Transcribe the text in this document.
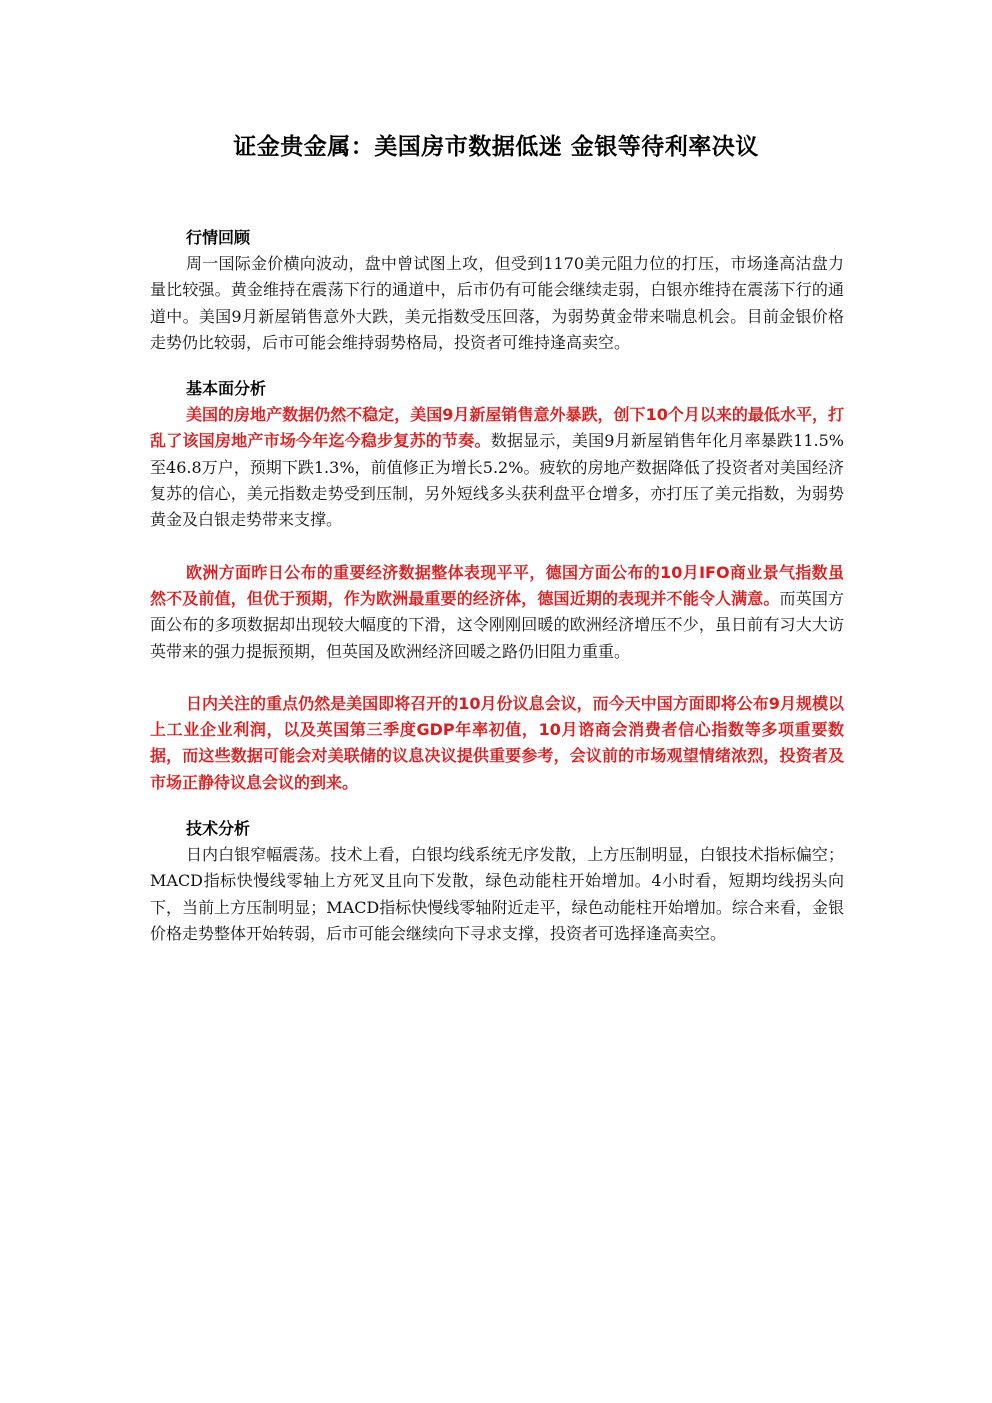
证金贵金属：美国房市数据低迷 金银等待利率决议

行情回顾

周一国际金价横向波动，盘中曾试图上攻，但受到1170美元阻力位的打压，市场逢高沽盘力量比较强。黄金维持在震荡下行的通道中，后市仍有可能会继续走弱，白银亦维持在震荡下行的通道中。美国9月新屋销售意外大跌，美元指数受压回落，为弱势黄金带来喘息机会。目前金银价格走势仍比较弱，后市可能会维持弱势格局，投资者可维持逢高卖空。

基本面分析

美国的房地产数据仍然不稳定，美国9月新屋销售意外暴跌，创下10个月以来的最低水平，打乱了该国房地产市场今年迄今稳步复苏的节奏。数据显示，美国9月新屋销售年化月率暴跌11.5%至46.8万户，预期下跌1.3%，前值修正为增长5.2%。疲软的房地产数据降低了投资者对美国经济复苏的信心，美元指数走势受到压制，另外短线多头获利盘平仓增多，亦打压了美元指数，为弱势黄金及白银走势带来支撑。

欧洲方面昨日公布的重要经济数据整体表现平平，德国方面公布的10月IFO商业景气指数虽然不及前值，但优于预期，作为欧洲最重要的经济体，德国近期的表现并不能令人满意。而英国方面公布的多项数据却出现较大幅度的下滑，这令刚刚回暖的欧洲经济增压不少，虽日前有习大大访英带来的强力提振预期，但英国及欧洲经济回暖之路仍旧阻力重重。

日内关注的重点仍然是美国即将召开的10月份议息会议，而今天中国方面即将公布9月规模以上工业企业利润，以及英国第三季度GDP年率初值，10月谘商会消费者信心指数等多项重要数据，而这些数据可能会对美联储的议息决议提供重要参考，会议前的市场观望情绪浓烈，投资者及市场正静待议息会议的到来。

技术分析

日内白银窄幅震荡。技术上看，白银均线系统无序发散，上方压制明显，白银技术指标偏空；MACD指标快慢线零轴上方死叉且向下发散，绿色动能柱开始增加。4小时看，短期均线拐头向下，当前上方压制明显；MACD指标快慢线零轴附近走平，绿色动能柱开始增加。综合来看，金银价格走势整体开始转弱，后市可能会继续向下寻求支撑，投资者可选择逢高卖空。
